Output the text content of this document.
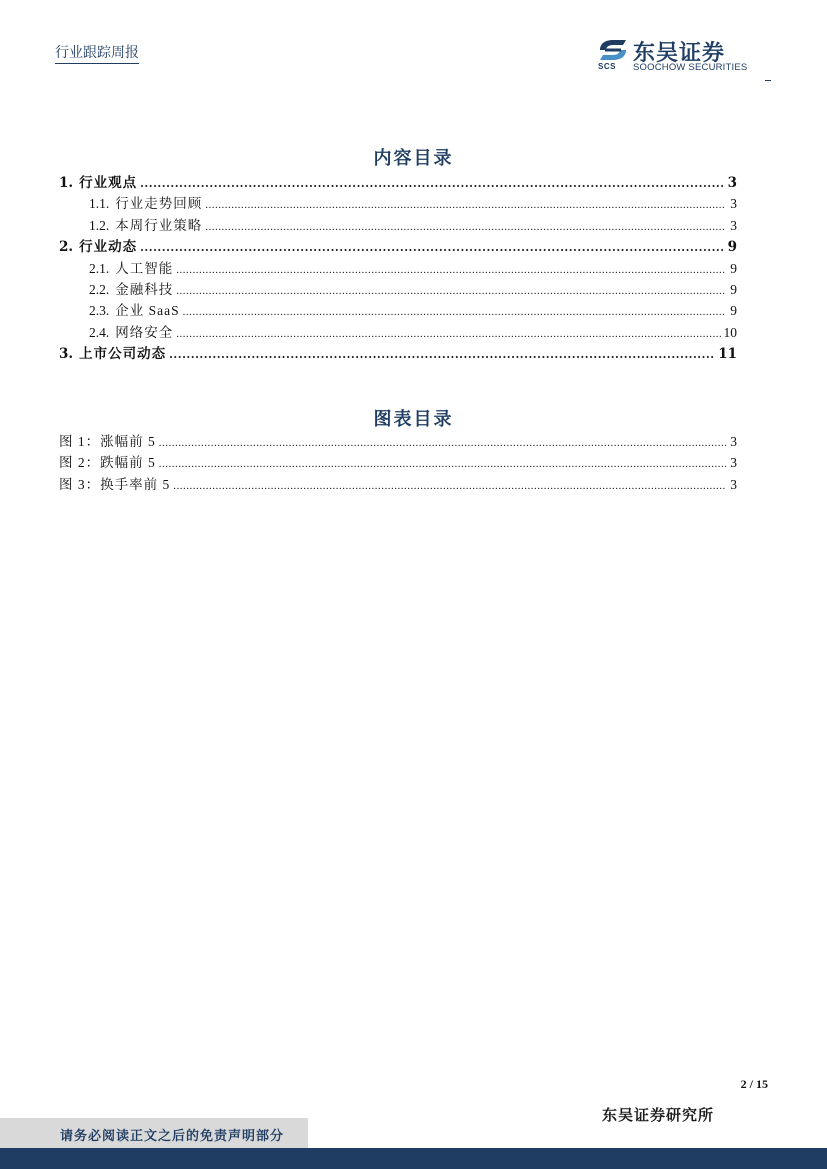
行业跟踪周报
SCS
东吴证券
SOOCHOW SECURITIES
内容目录
1. 行业观点 .....	3
1.1. 行业走势回顾 .....	3
1.2. 本周行业策略 .....	3
2. 行业动态 .....	9
2.1. 人工智能 .....	9
2.2. 金融科技 .....	9
2.3. 企业 SaaS .....	9
2.4. 网络安全 .....	10
3. 上市公司动态 .....	11
图表目录
图 1：涨幅前 5 .....	3
图 2：跌幅前 5 .....	3
图 3：换手率前 5 .....	3
2 / 15
东吴证券研究所
请务必阅读正文之后的免责声明部分
